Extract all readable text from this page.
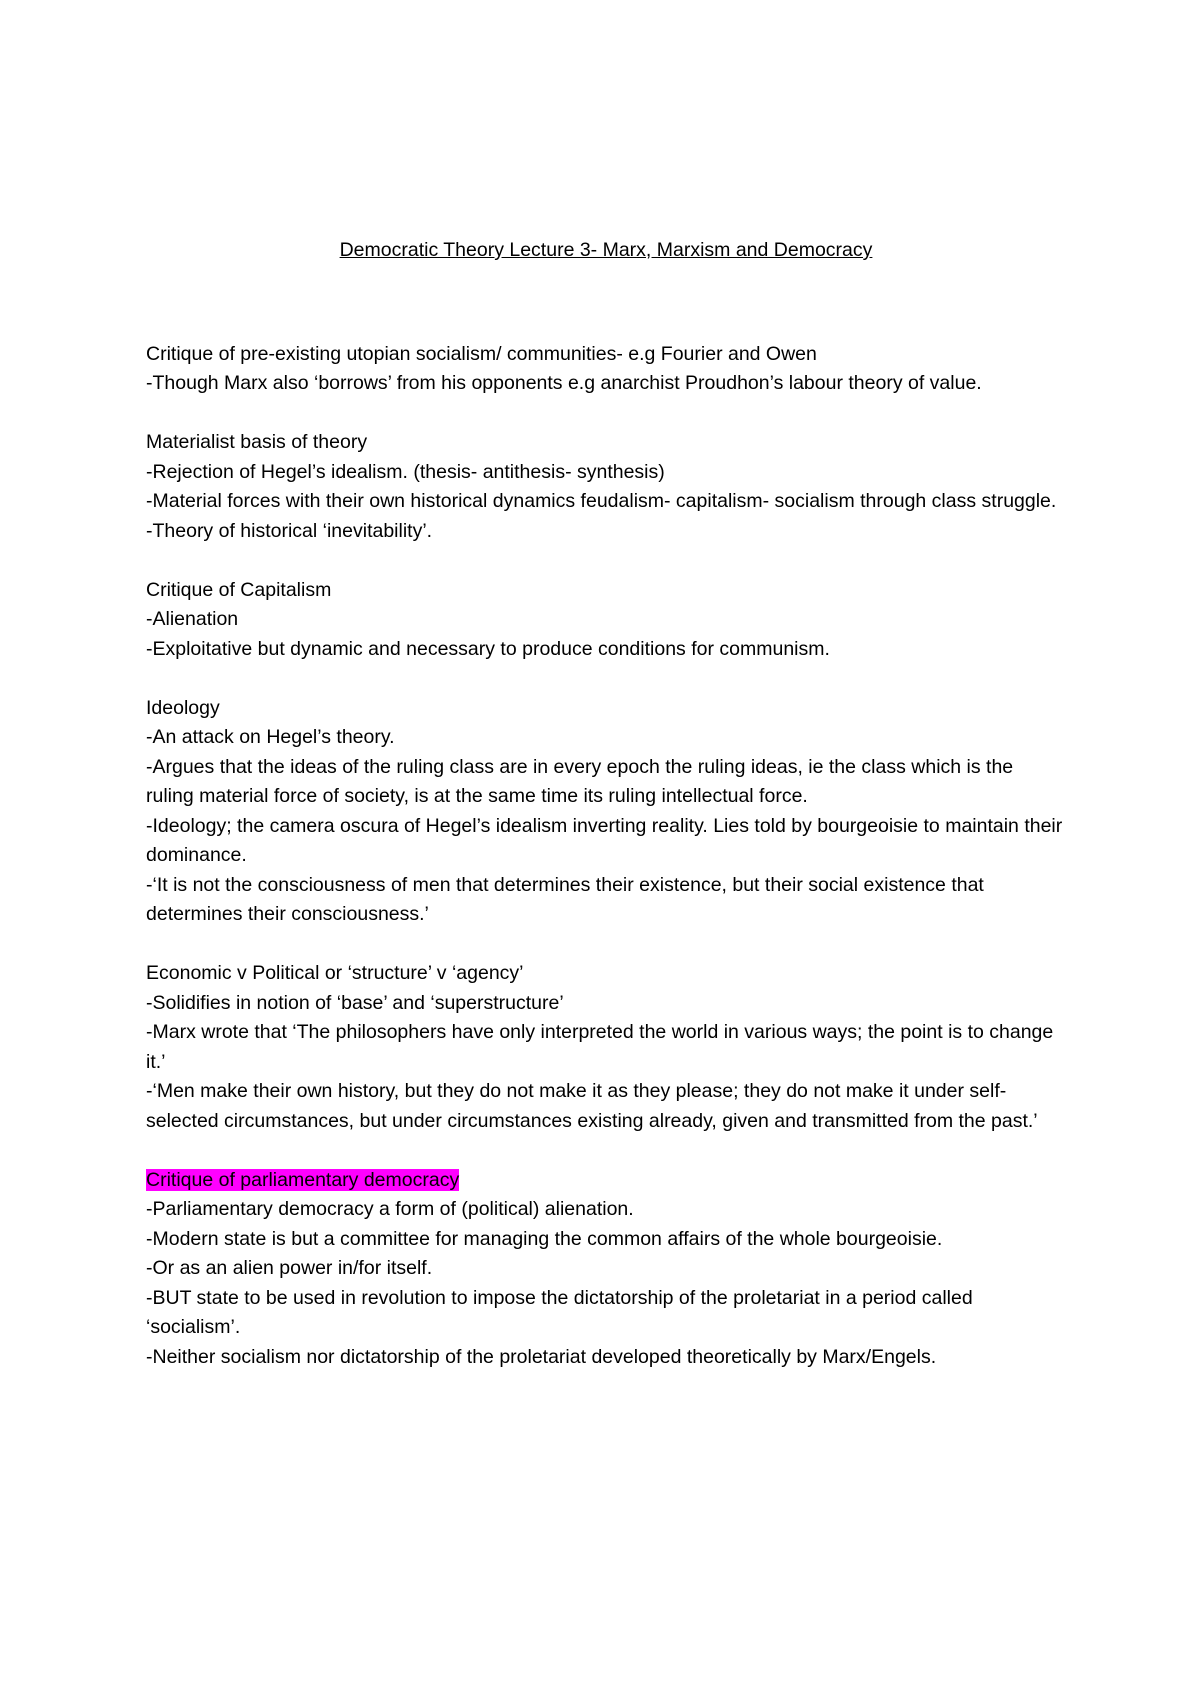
Democratic Theory Lecture 3- Marx, Marxism and Democracy

Critique of pre-existing utopian socialism/ communities- e.g Fourier and Owen

-Though Marx also ‘borrows’ from his opponents e.g anarchist Proudhon’s labour theory of value.

Materialist basis of theory

-Rejection of Hegel’s idealism. (thesis- antithesis- synthesis)

-Material forces with their own historical dynamics feudalism- capitalism- socialism through class struggle.

-Theory of historical ‘inevitability’.

Critique of Capitalism

-Alienation

-Exploitative but dynamic and necessary to produce conditions for communism.

Ideology

-An attack on Hegel’s theory.

-Argues that the ideas of the ruling class are in every epoch the ruling ideas, ie the class which is the ruling material force of society, is at the same time its ruling intellectual force.

-Ideology; the camera oscura of Hegel’s idealism inverting reality. Lies told by bourgeoisie to maintain their dominance.

-‘It is not the consciousness of men that determines their existence, but their social existence that determines their consciousness.’

Economic v Political or ‘structure’ v ‘agency’

-Solidifies in notion of ‘base’ and ‘superstructure’

-Marx wrote that ‘The philosophers have only interpreted the world in various ways; the point is to change it.’

-‘Men make their own history, but they do not make it as they please; they do not make it under self-selected circumstances, but under circumstances existing already, given and transmitted from the past.’

Critique of parliamentary democracy

-Parliamentary democracy a form of (political) alienation.

-Modern state is but a committee for managing the common affairs of the whole bourgeoisie.

-Or as an alien power in/for itself.

-BUT state to be used in revolution to impose the dictatorship of the proletariat in a period called ‘socialism’.

-Neither socialism nor dictatorship of the proletariat developed theoretically by Marx/Engels.
